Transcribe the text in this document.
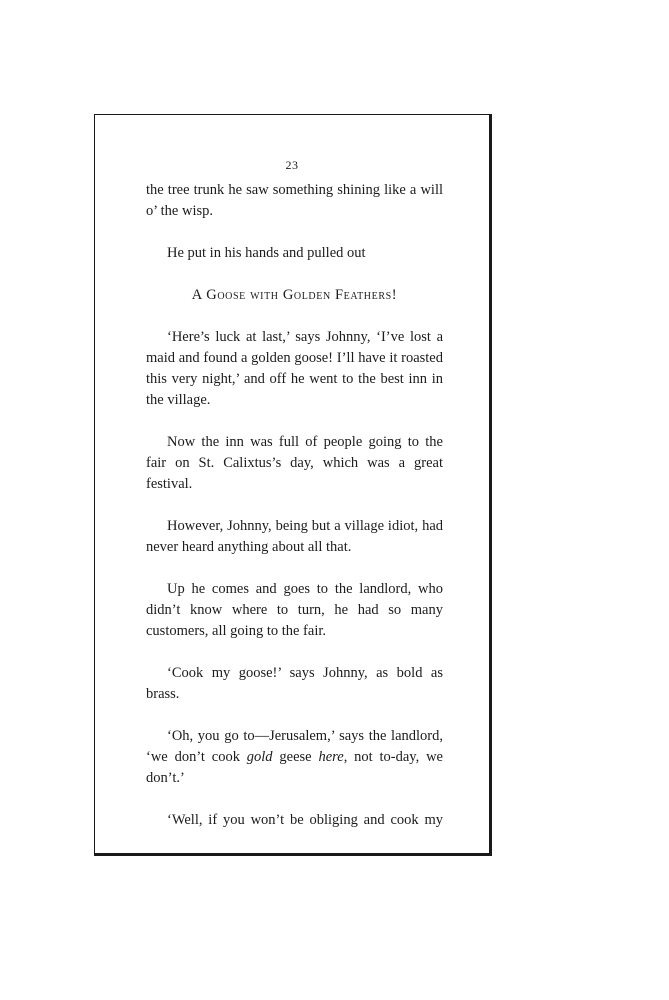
23

the tree trunk he saw something shining like a will o’ the wisp.

He put in his hands and pulled out

A Goose with Golden Feathers!

‘Here’s luck at last,’ says Johnny, ‘I’ve lost a maid and found a golden goose! I’ll have it roasted this very night,’ and off he went to the best inn in the village.

Now the inn was full of people going to the fair on St. Calixtus’s day, which was a great festival.

However, Johnny, being but a village idiot, had never heard anything about all that.

Up he comes and goes to the landlord, who didn’t know where to turn, he had so many customers, all going to the fair.

‘Cook my goose!’ says Johnny, as bold as brass.

‘Oh, you go to—Jerusalem,’ says the landlord, ‘we don’t cook gold geese here, not to-day, we don’t.’

‘Well, if you won’t be obliging and cook my
